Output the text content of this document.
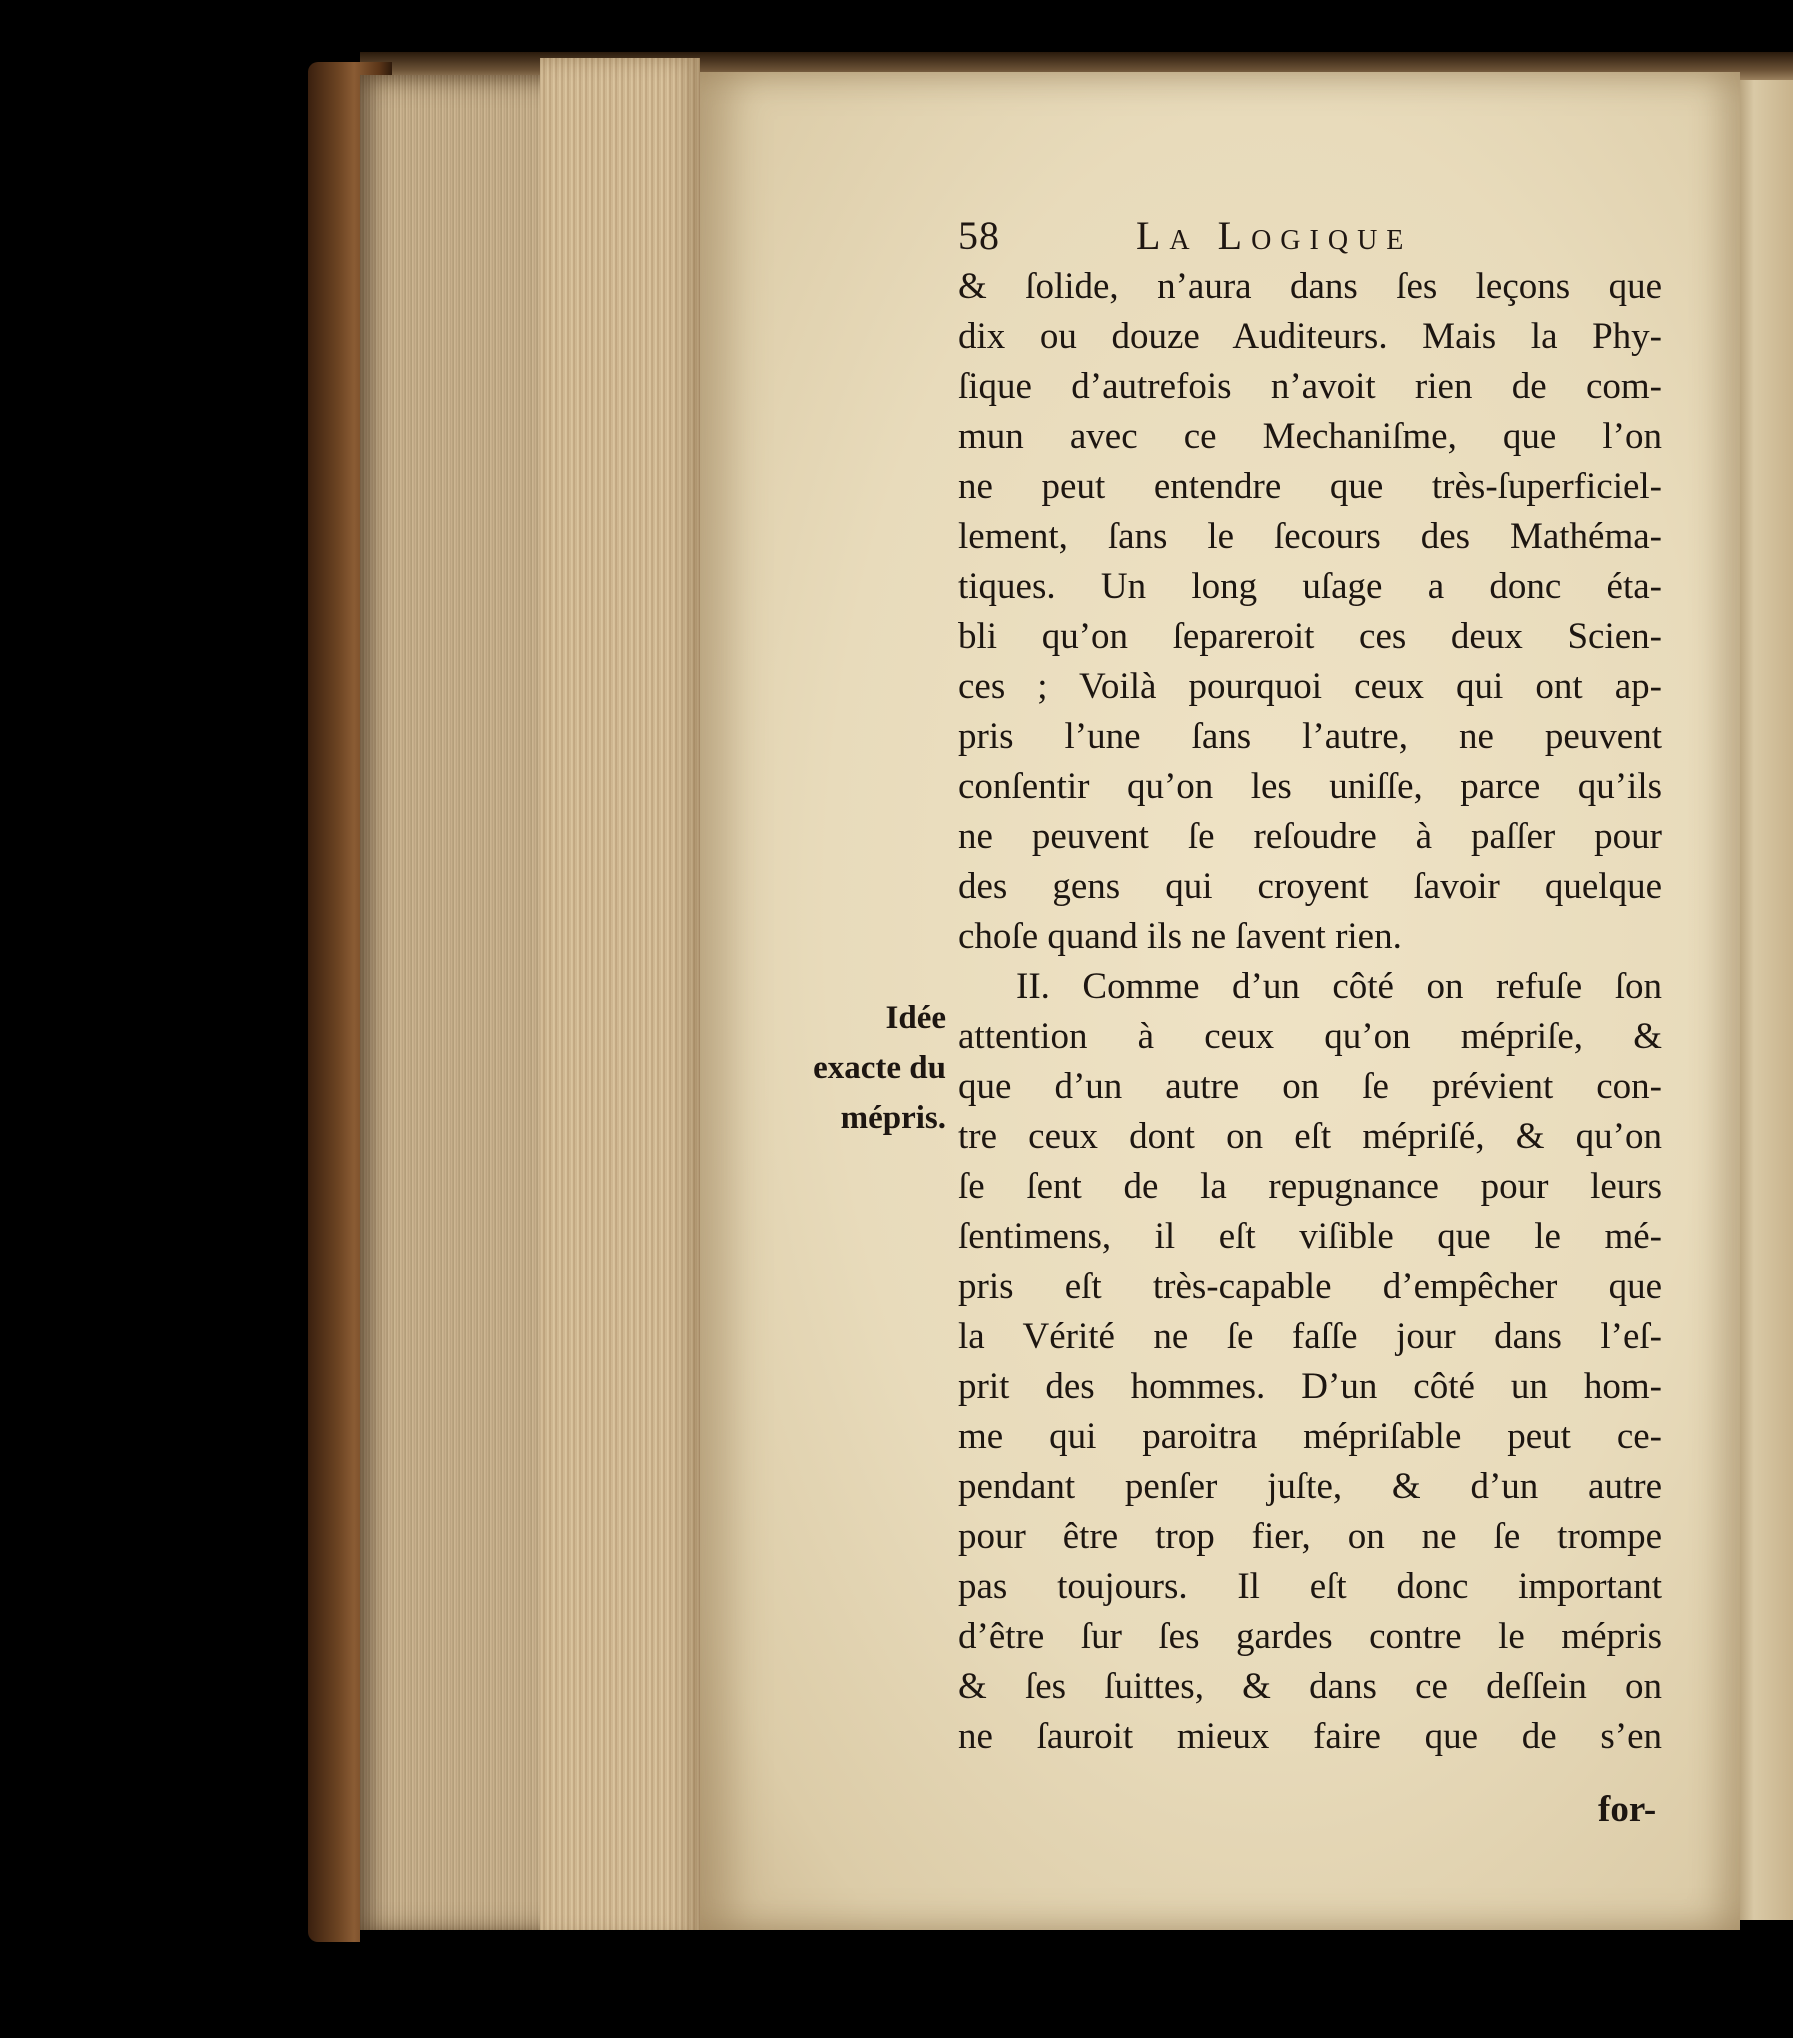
58	La Logique
Idée
exacte du
mépris.
& ſolide, n’aura dans ſes leçons que
dix ou douze Auditeurs. Mais la Phy-
ſique d’autrefois n’avoit rien de com-
mun avec ce Mechaniſme, que l’on
ne peut entendre que très-ſuperficiel-
lement, ſans le ſecours des Mathéma-
tiques. Un long uſage a donc éta-
bli qu’on ſepareroit ces deux Scien-
ces ; Voilà pourquoi ceux qui ont ap-
pris l’une ſans l’autre, ne peuvent
conſentir qu’on les uniſſe, parce qu’ils
ne peuvent ſe reſoudre à paſſer pour
des gens qui croyent ſavoir quelque
choſe quand ils ne ſavent rien.
II. Comme d’un côté on refuſe ſon
attention à ceux qu’on mépriſe, &
que d’un autre on ſe prévient con-
tre ceux dont on eſt mépriſé, & qu’on
ſe ſent de la repugnance pour leurs
ſentimens, il eſt viſible que le mé-
pris eſt très-capable d’empêcher que
la Vérité ne ſe faſſe jour dans l’eſ-
prit des hommes. D’un côté un hom-
me qui paroitra mépriſable peut ce-
pendant penſer juſte, & d’un autre
pour être trop fier, on ne ſe trompe
pas toujours. Il eſt donc important
d’être ſur ſes gardes contre le mépris
& ſes ſuittes, & dans ce deſſein on
ne ſauroit mieux faire que de s’en
for-
